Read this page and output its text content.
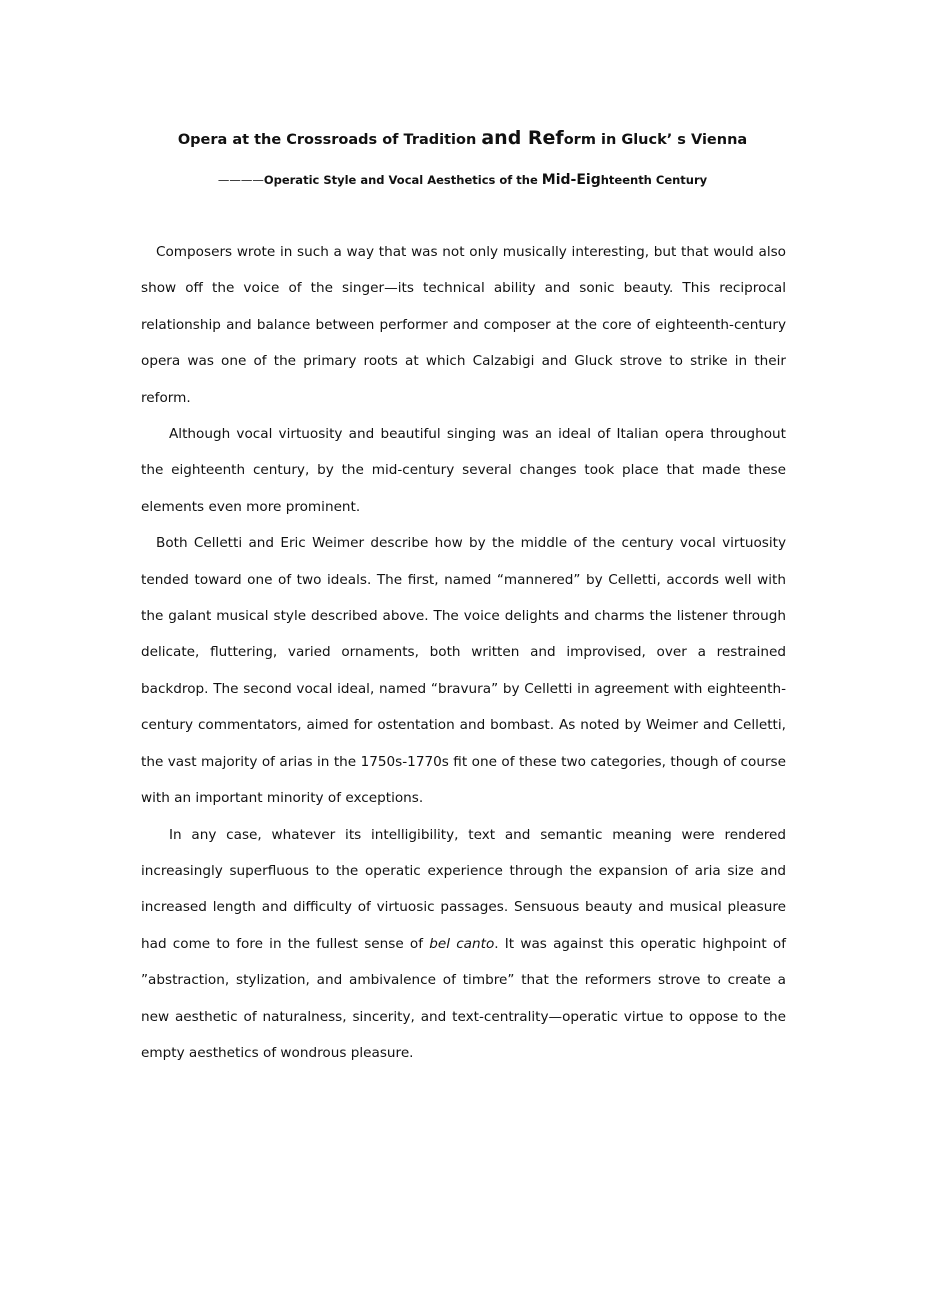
Opera at the Crossroads of Tradition and Reform in Gluck’ s Vienna
————Operatic Style and Vocal Aesthetics of the Mid-Eighteenth Century

Composers wrote in such a way that was not only musically interesting, but that would also show off the voice of the singer—its technical ability and sonic beauty. This reciprocal relationship and balance between performer and composer at the core of eighteenth-century opera was one of the primary roots at which Calzabigi and Gluck strove to strike in their reform.

Although vocal virtuosity and beautiful singing was an ideal of Italian opera throughout the eighteenth century, by the mid-century several changes took place that made these elements even more prominent.

Both Celletti and Eric Weimer describe how by the middle of the century vocal virtuosity tended toward one of two ideals. The first, named “mannered” by Celletti, accords well with the galant musical style described above. The voice delights and charms the listener through delicate, fluttering, varied ornaments, both written and improvised, over a restrained backdrop. The second vocal ideal, named “bravura” by Celletti in agreement with eighteenth-century commentators, aimed for ostentation and bombast. As noted by Weimer and Celletti, the vast majority of arias in the 1750s-1770s fit one of these two categories, though of course with an important minority of exceptions.

In any case, whatever its intelligibility, text and semantic meaning were rendered increasingly superfluous to the operatic experience through the expansion of aria size and increased length and difficulty of virtuosic passages. Sensuous beauty and musical pleasure had come to fore in the fullest sense of bel canto. It was against this operatic highpoint of ”abstraction, stylization, and ambivalence of timbre” that the reformers strove to create a new aesthetic of naturalness, sincerity, and text-centrality—operatic virtue to oppose to the empty aesthetics of wondrous pleasure.
